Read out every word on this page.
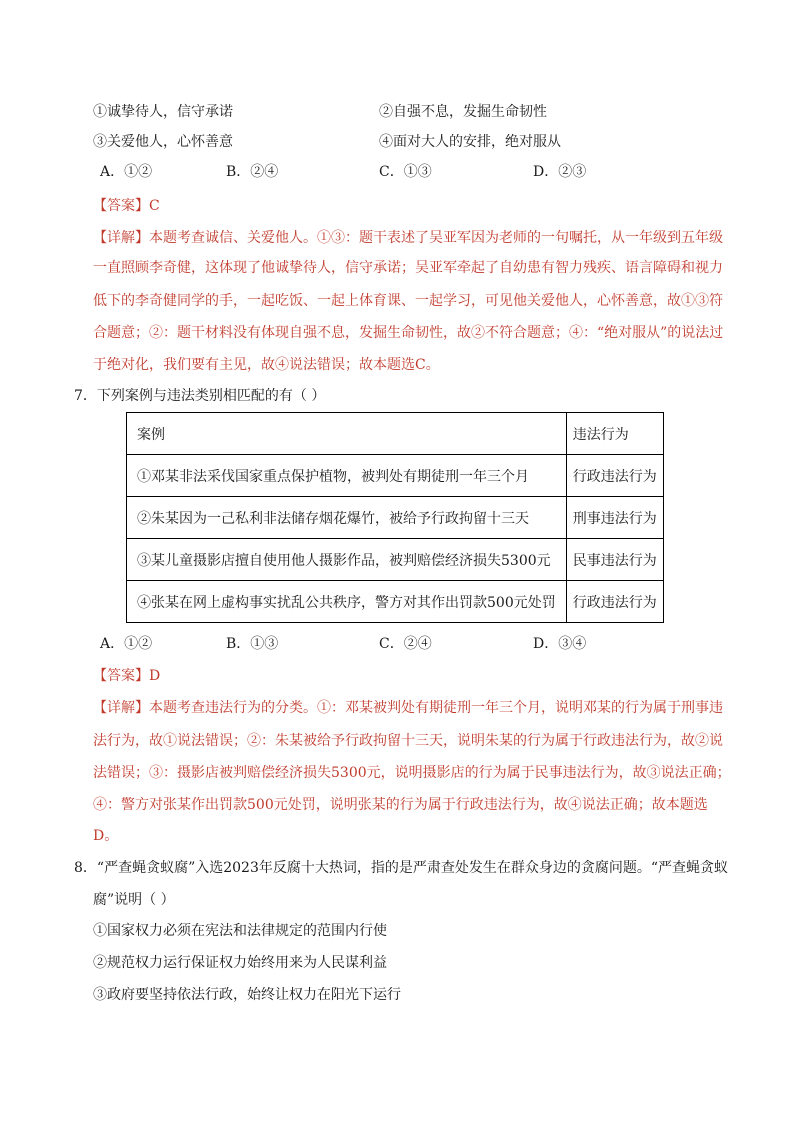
①诚挚待人，信守承诺	②自强不息，发掘生命韧性
③关爱他人，心怀善意	④面对大人的安排，绝对服从
A．①②	B．②④	C．①③	D．②③
【答案】C
【详解】本题考查诚信、关爱他人。①③：题干表述了吴亚军因为老师的一句嘱托，从一年级到五年级
一直照顾李奇健，这体现了他诚挚待人，信守承诺；吴亚军牵起了自幼患有智力残疾、语言障碍和视力
低下的李奇健同学的手，一起吃饭、一起上体育课、一起学习，可见他关爱他人，心怀善意，故①③符
合题意；②：题干材料没有体现自强不息，发掘生命韧性，故②不符合题意；④：“绝对服从”的说法过
于绝对化，我们要有主见，故④说法错误；故本题选C。
7．下列案例与违法类别相匹配的有（ ）
案例	违法行为
①邓某非法采伐国家重点保护植物，被判处有期徒刑一年三个月	行政违法行为
②朱某因为一己私利非法储存烟花爆竹，被给予行政拘留十三天	刑事违法行为
③某儿童摄影店擅自使用他人摄影作品，被判赔偿经济损失5300元	民事违法行为
④张某在网上虚构事实扰乱公共秩序，警方对其作出罚款500元处罚	行政违法行为
A．①②	B．①③	C．②④	D．③④
【答案】D
【详解】本题考查违法行为的分类。①：邓某被判处有期徒刑一年三个月，说明邓某的行为属于刑事违
法行为，故①说法错误；②：朱某被给予行政拘留十三天，说明朱某的行为属于行政违法行为，故②说
法错误；③：摄影店被判赔偿经济损失5300元，说明摄影店的行为属于民事违法行为，故③说法正确；
④：警方对张某作出罚款500元处罚，说明张某的行为属于行政违法行为，故④说法正确；故本题选
D。
8．“严查蝇贪蚁腐”入选2023年反腐十大热词，指的是严肃查处发生在群众身边的贪腐问题。“严查蝇贪蚁
腐”说明（ ）
①国家权力必须在宪法和法律规定的范围内行使
②规范权力运行保证权力始终用来为人民谋利益
③政府要坚持依法行政，始终让权力在阳光下运行
